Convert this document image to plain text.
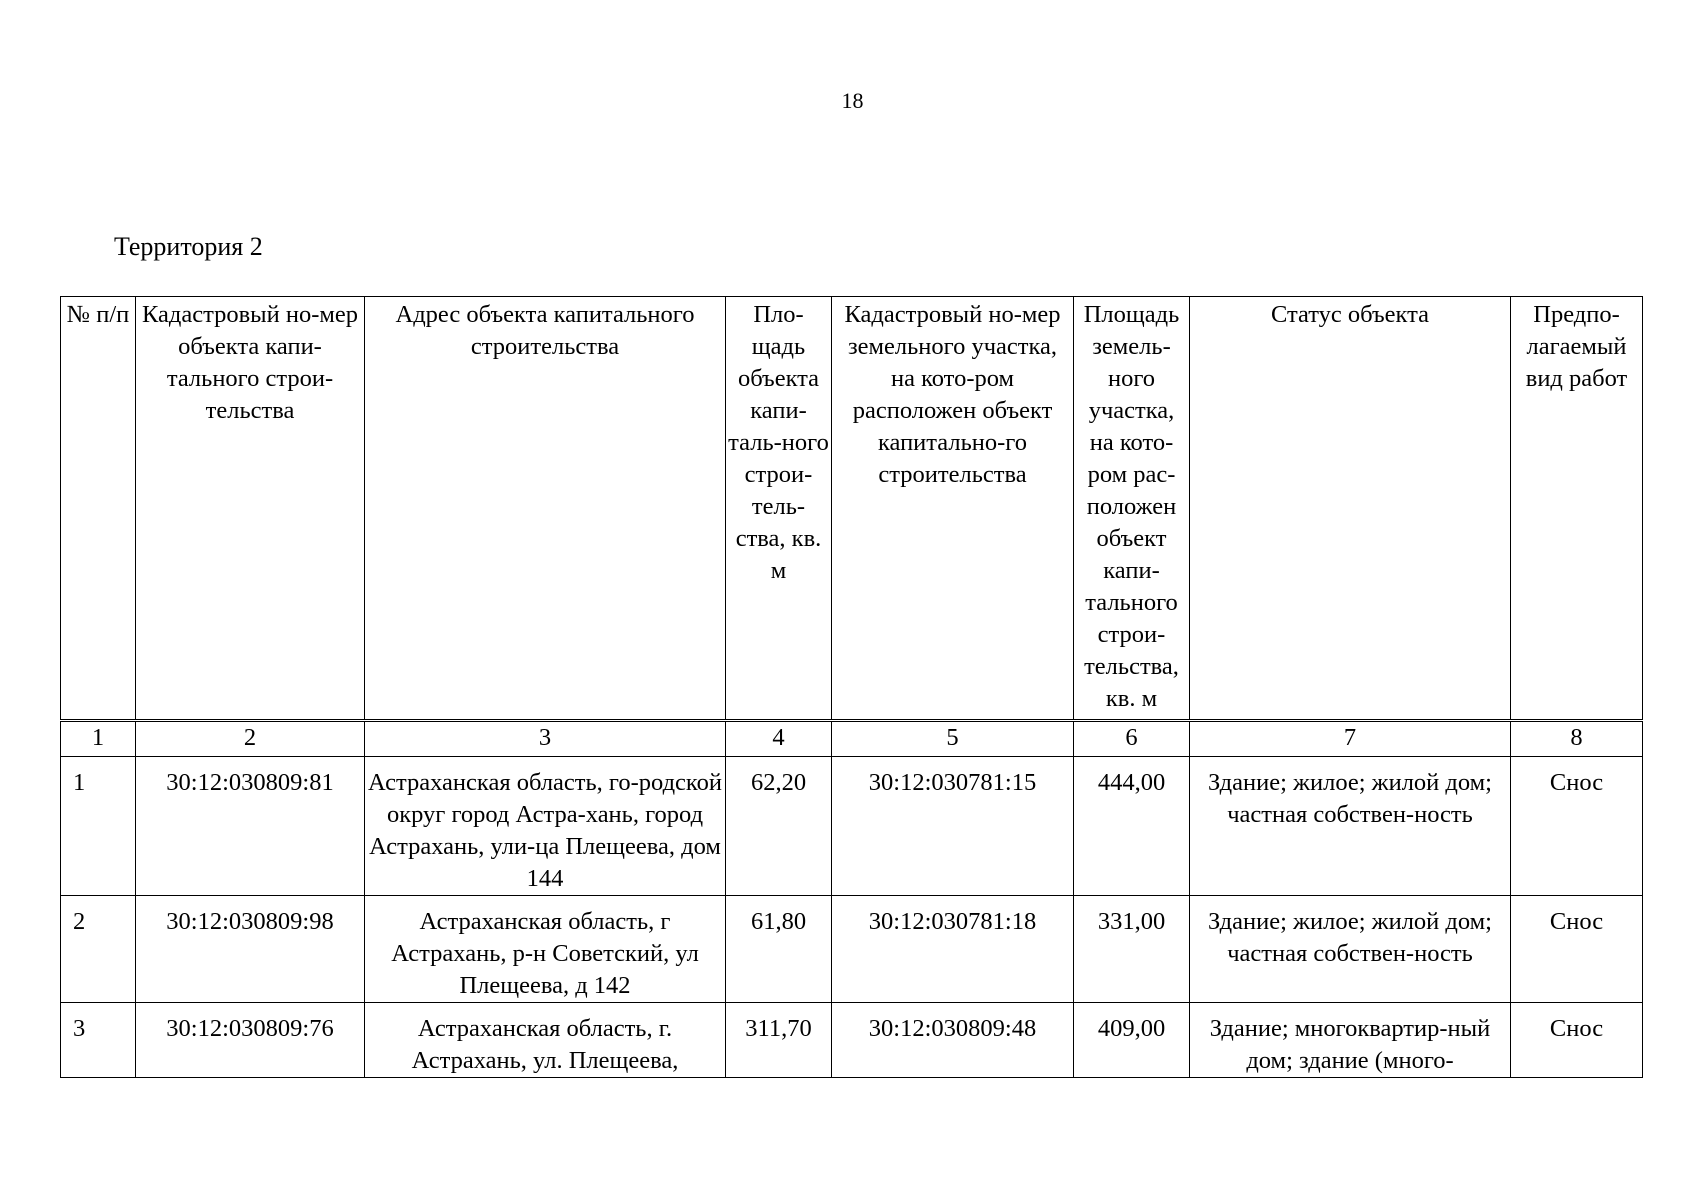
18
Территория 2
№ п/п	Кадастровый но-мер объекта капи-тального строи-тельства	Адрес объекта капитального строительства	Пло-щадь объекта капи-таль-ного строи-тель-ства, кв. м	Кадастровый но-мер земельного участка, на кото-ром расположен объект капитально-го строительства	Площадь земель-ного участка, на кото-ром рас-положен объект капи-тального строи-тельства, кв. м	Статус объекта	Предпо-лагаемый вид работ
1	2	3	4	5	6	7	8
1	30:12:030809:81	Астраханская область, го-родской округ город Астра-хань, город Астрахань, ули-ца Плещеева, дом 144	62,20	30:12:030781:15	444,00	Здание; жилое; жилой дом; частная собствен-ность	Снос
2	30:12:030809:98	Астраханская область, г Астрахань, р-н Советский, ул Плещеева, д 142	61,80	30:12:030781:18	331,00	Здание; жилое; жилой дом; частная собствен-ность	Снос
3	30:12:030809:76	Астраханская область, г. Астрахань, ул. Плещеева,	311,70	30:12:030809:48	409,00	Здание; многоквартир-ный дом; здание (много-	Снос
